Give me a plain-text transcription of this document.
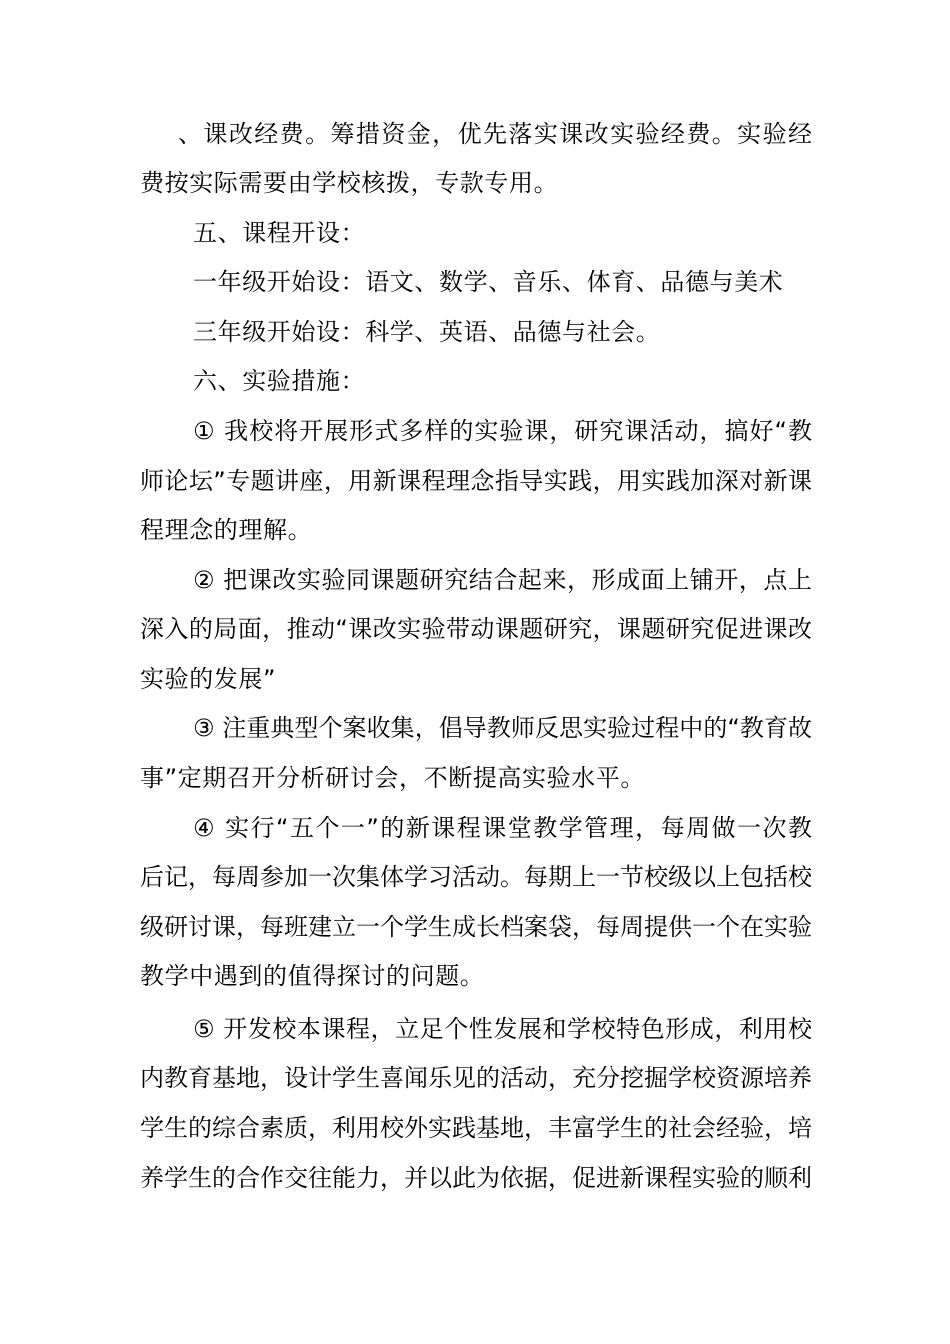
、课改经费。筹措资金，优先落实课改实验经费。实验经
费按实际需要由学校核拨，专款专用。
五、课程开设：
一年级开始设：语文、数学、音乐、体育、品德与美术
三年级开始设：科学、英语、品德与社会。
六、实验措施：
① 我校将开展形式多样的实验课，研究课活动，搞好“教
师论坛”专题讲座，用新课程理念指导实践，用实践加深对新课
程理念的理解。
② 把课改实验同课题研究结合起来，形成面上铺开，点上
深入的局面，推动“课改实验带动课题研究，课题研究促进课改
实验的发展”
③ 注重典型个案收集，倡导教师反思实验过程中的“教育故
事”定期召开分析研讨会，不断提高实验水平。
④ 实行“五个一”的新课程课堂教学管理，每周做一次教
后记，每周参加一次集体学习活动。每期上一节校级以上包括校
级研讨课，每班建立一个学生成长档案袋，每周提供一个在实验
教学中遇到的值得探讨的问题。
⑤ 开发校本课程，立足个性发展和学校特色形成，利用校
内教育基地，设计学生喜闻乐见的活动，充分挖掘学校资源培养
学生的综合素质，利用校外实践基地，丰富学生的社会经验，培
养学生的合作交往能力，并以此为依据，促进新课程实验的顺利
